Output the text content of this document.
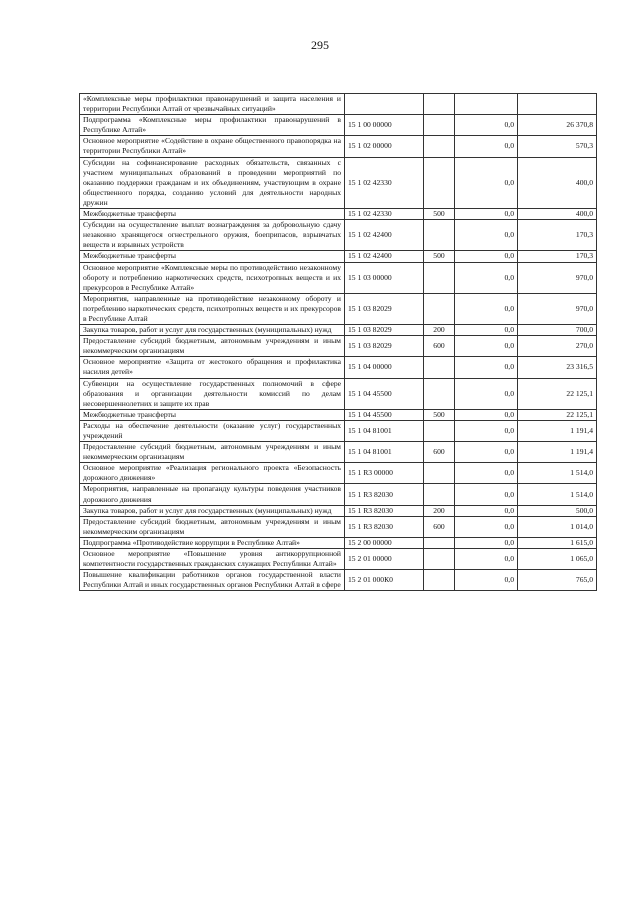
295
«Комплексные меры профилактики правонарушений и защита населения и территории Республики Алтай от чрезвычайных ситуаций»				
Подпрограмма «Комплексные меры профилактики правонарушений в Республике Алтай»	15 1 00 00000		0,0	26 370,8
Основное мероприятие «Содействие в охране общественного правопорядка на территории Республики Алтай»	15 1 02 00000		0,0	570,3
Субсидии на софинансирование расходных обязательств, связанных с участием муниципальных образований в проведении мероприятий по оказанию поддержки гражданам и их объединениям, участвующим в охране общественного порядка, созданию условий для деятельности народных дружин	15 1 02 42330		0,0	400,0
Межбюджетные трансферты	15 1 02 42330	500	0,0	400,0
Субсидии на осуществление выплат вознаграждения за добровольную сдачу незаконно хранящегося огнестрельного оружия, боеприпасов, взрывчатых веществ и взрывных устройств	15 1 02 42400		0,0	170,3
Межбюджетные трансферты	15 1 02 42400	500	0,0	170,3
Основное мероприятие «Комплексные меры по противодействию незаконному обороту и потреблению наркотических средств, психотропных веществ и их прекурсоров в Республике Алтай»	15 1 03 00000		0,0	970,0
Мероприятия, направленные на противодействие незаконному обороту и потреблению наркотических средств, психотропных веществ и их прекурсоров в Республике Алтай	15 1 03 82029		0,0	970,0
Закупка товаров, работ и услуг для государственных (муниципальных) нужд	15 1 03 82029	200	0,0	700,0
Предоставление субсидий бюджетным, автономным учреждениям и иным некоммерческим организациям	15 1 03 82029	600	0,0	270,0
Основное мероприятие «Защита от жестокого обращения и профилактика насилия детей»	15 1 04 00000		0,0	23 316,5
Субвенции на осуществление государственных полномочий в сфере образования и организации деятельности комиссий по делам несовершеннолетних и защите их прав	15 1 04 45500		0,0	22 125,1
Межбюджетные трансферты	15 1 04 45500	500	0,0	22 125,1
Расходы на обеспечение деятельности (оказание услуг) государственных учреждений	15 1 04 81001		0,0	1 191,4
Предоставление субсидий бюджетным, автономным учреждениям и иным некоммерческим организациям	15 1 04 81001	600	0,0	1 191,4
Основное мероприятие «Реализация регионального проекта «Безопасность дорожного движения»	15 1 R3 00000		0,0	1 514,0
Мероприятия, направленные на пропаганду культуры поведения участников дорожного движения	15 1 R3 82030		0,0	1 514,0
Закупка товаров, работ и услуг для государственных (муниципальных) нужд	15 1 R3 82030	200	0,0	500,0
Предоставление субсидий бюджетным, автономным учреждениям и иным некоммерческим организациям	15 1 R3 82030	600	0,0	1 014,0
Подпрограмма «Противодействие коррупции в Республике Алтай»	15 2 00 00000		0,0	1 615,0
Основное мероприятие «Повышение уровня антикоррупционной компетентности государственных гражданских служащих Республики Алтай»	15 2 01 00000		0,0	1 065,0
Повышение квалификации работников органов государственной власти Республики Алтай и иных государственных органов Республики Алтай в сфере	15 2 01 000К0		0,0	765,0
